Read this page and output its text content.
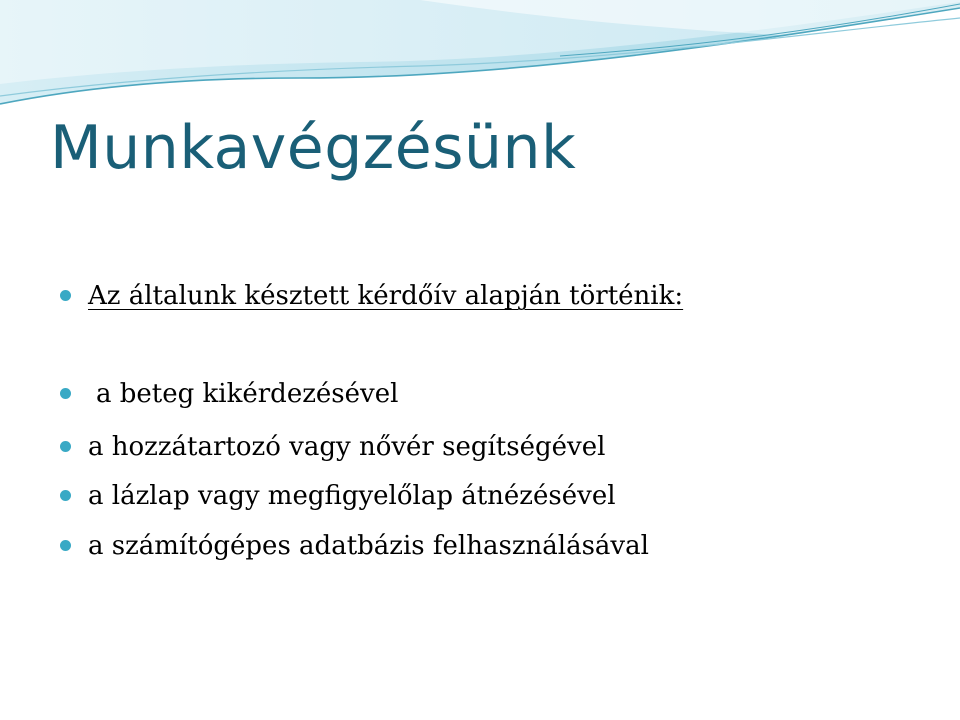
Munkavégzésünk
Az általunk késztett kérdőív alapján történik:
a beteg kikérdezésével
a hozzátartozó vagy nővér segítségével
a lázlap vagy megfigyelőlap átnézésével
a számítógépes adatbázis felhasználásával
